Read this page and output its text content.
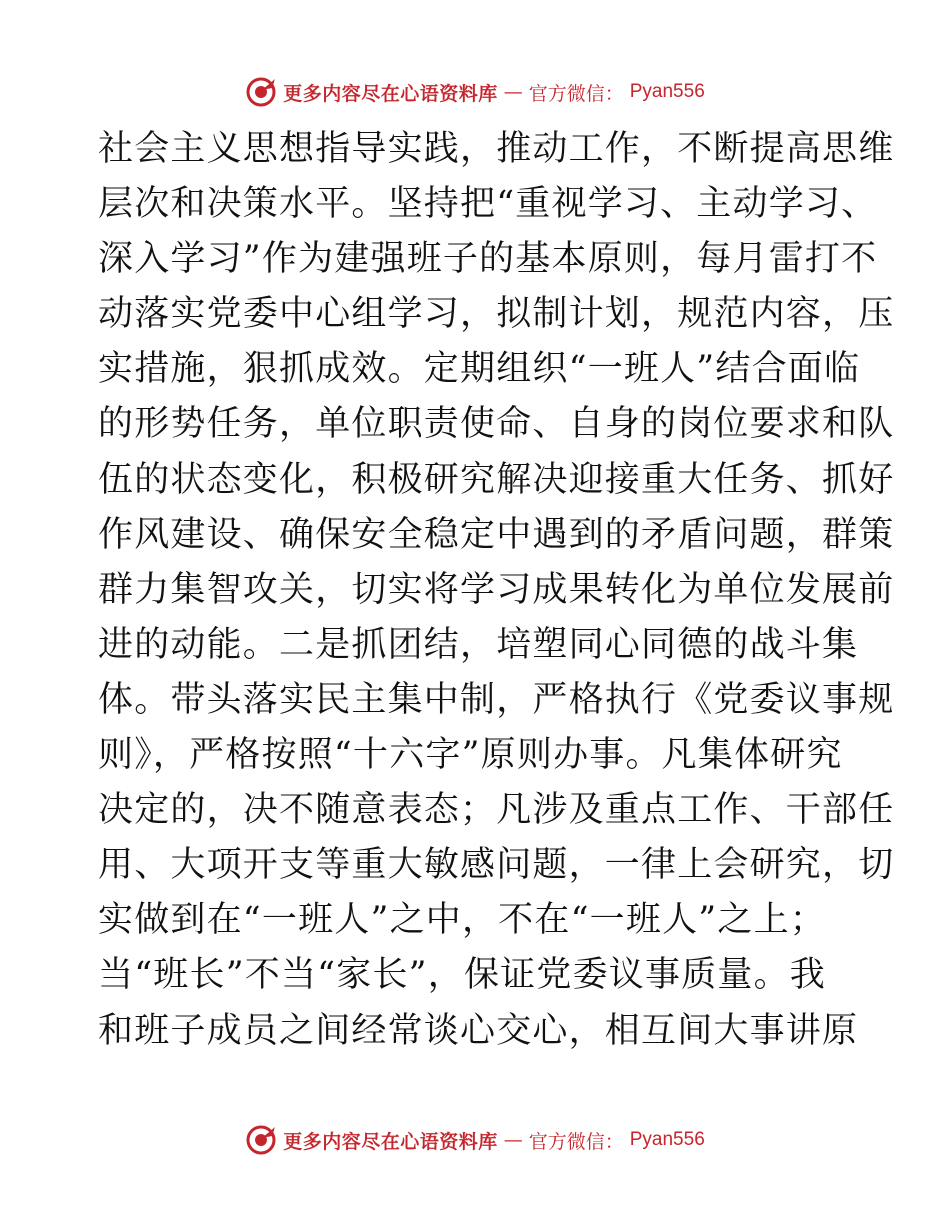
更多内容尽在心语资料库 — 官方微信： Pyan556
社会主义思想指导实践，推动工作，不断提高思维
层次和决策水平。坚持把“重视学习、主动学习、
深入学习”作为建强班子的基本原则，每月雷打不
动落实党委中心组学习，拟制计划，规范内容，压
实措施，狠抓成效。定期组织“一班人”结合面临
的形势任务，单位职责使命、自身的岗位要求和队
伍的状态变化，积极研究解决迎接重大任务、抓好
作风建设、确保安全稳定中遇到的矛盾问题，群策
群力集智攻关，切实将学习成果转化为单位发展前
进的动能。二是抓团结，培塑同心同德的战斗集
体。带头落实民主集中制，严格执行《党委议事规
则》，严格按照“十六字”原则办事。凡集体研究
决定的，决不随意表态；凡涉及重点工作、干部任
用、大项开支等重大敏感问题，一律上会研究，切
实做到在“一班人”之中，不在“一班人”之上；
当“班长”不当“家长”，保证党委议事质量。我
和班子成员之间经常谈心交心，相互间大事讲原
更多内容尽在心语资料库 — 官方微信： Pyan556
